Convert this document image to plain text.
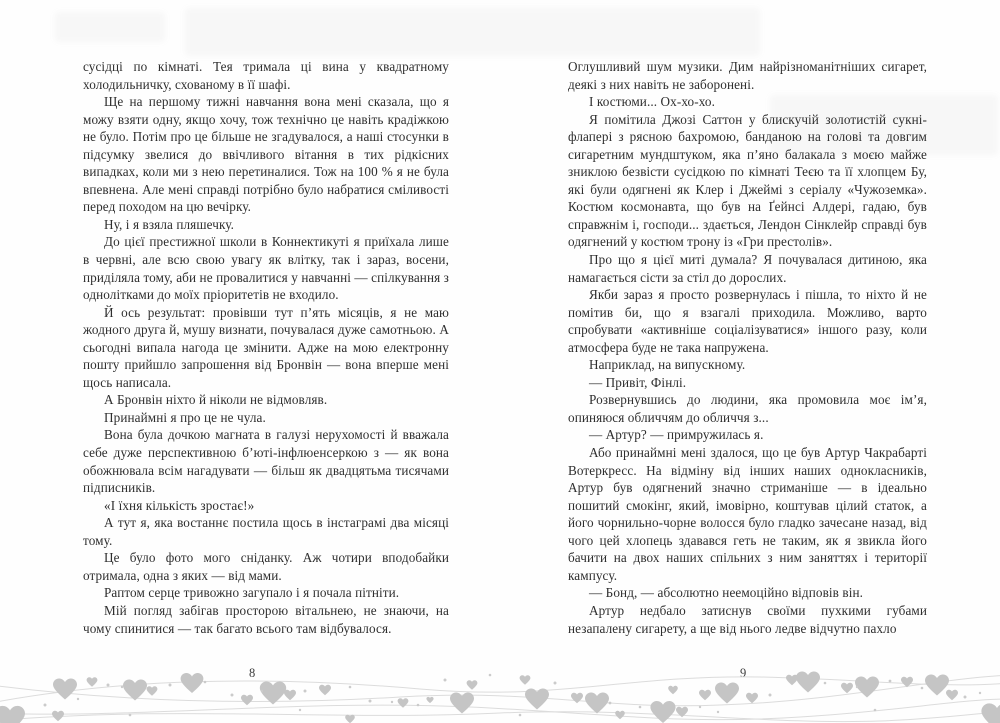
сусідці по кімнаті. Тея тримала ці вина у квадратному холодильничку, схованому в її шафі.

Ще на першому тижні навчання вона мені сказала, що я можу взяти одну, якщо хочу, тож технічно це навіть крадіжкою не було. Потім про це більше не згадувалося, а наші стосунки в підсумку звелися до ввічливого вітання в тих рідкісних випадках, коли ми з нею перетиналися. Тож на 100 % я не була впевнена. Але мені справді потрібно було набратися сміливості перед походом на цю вечірку.

Ну, і я взяла пляшечку.

До цієї престижної школи в Коннектикуті я приїхала лише в червні, але всю свою увагу як влітку, так і зараз, восени, приділяла тому, аби не провалитися у навчанні — спілкування з однолітками до моїх пріоритетів не входило.

Й ось результат: провівши тут п’ять місяців, я не маю жодного друга й, мушу визнати, почувалася дуже самотньою. А сьогодні випала нагода це змінити. Адже на мою електронну пошту прийшло запрошення від Бронвін — вона вперше мені щось написала.

А Бронвін ніхто й ніколи не відмовляв.

Принаймні я про це не чула.

Вона була дочкою магната в галузі нерухомості й вважала себе дуже перспективною б’юті-інфлюенсеркою з — як вона обожнювала всім нагадувати — більш як двадцятьма тисячами підписників.

«І їхня кількість зростає!»

А тут я, яка востаннє постила щось в інстаграмі два місяці тому.

Це було фото мого сніданку. Аж чотири вподобайки отримала, одна з яких — від мами.

Раптом серце тривожно загупало і я почала пітніти.

Мій погляд забігав просторою вітальнею, не знаючи, на чому спинитися — так багато всього там відбувалося.

Оглушливий шум музики. Дим найрізноманітніших сигарет, деякі з них навіть не заборонені.

І костюми... Ох-хо-хо.

Я помітила Джозі Саттон у блискучій золотистій сукні-флапері з рясною бахромою, банданою на голові та довгим сигаретним мундштуком, яка п’яно балакала з моєю майже зниклою безвісти сусідкою по кімнаті Теєю та її хлопцем Бу, які були одягнені як Клер і Джеймі з серіалу «Чужоземка». Костюм космонавта, що був на Ґейнсі Алдері, гадаю, був справжнім і, господи... здається, Лендон Сінклейр справді був одягнений у костюм трону із «Гри престолів».

Про що я цієї миті думала? Я почувалася дитиною, яка намагається сісти за стіл до дорослих.

Якби зараз я просто розвернулась і пішла, то ніхто й не помітив би, що я взагалі приходила. Можливо, варто спробувати «активніше соціалізуватися» іншого разу, коли атмосфера буде не така напружена.

Наприклад, на випускному.

— Привіт, Фінлі.

Розвернувшись до людини, яка промовила моє ім’я, опиняюся обличчям до обличчя з...

— Артур? — примружилась я.

Або принаймні мені здалося, що це був Артур Чакрабарті Вотеркресс. На відміну від інших наших однокласників, Артур був одягнений значно стриманіше — в ідеально пошитий смокінг, який, імовірно, коштував цілий статок, а його чорнильно-чорне волосся було гладко зачесане назад, від чого цей хлопець здавався геть не таким, як я звикла його бачити на двох наших спільних з ним заняттях і території кампусу.

— Бонд, — абсолютно неемоційно відповів він.

Артур недбало затиснув своїми пухкими губами незапалену сигарету, а ще від нього ледве відчутно пахло

8	9
